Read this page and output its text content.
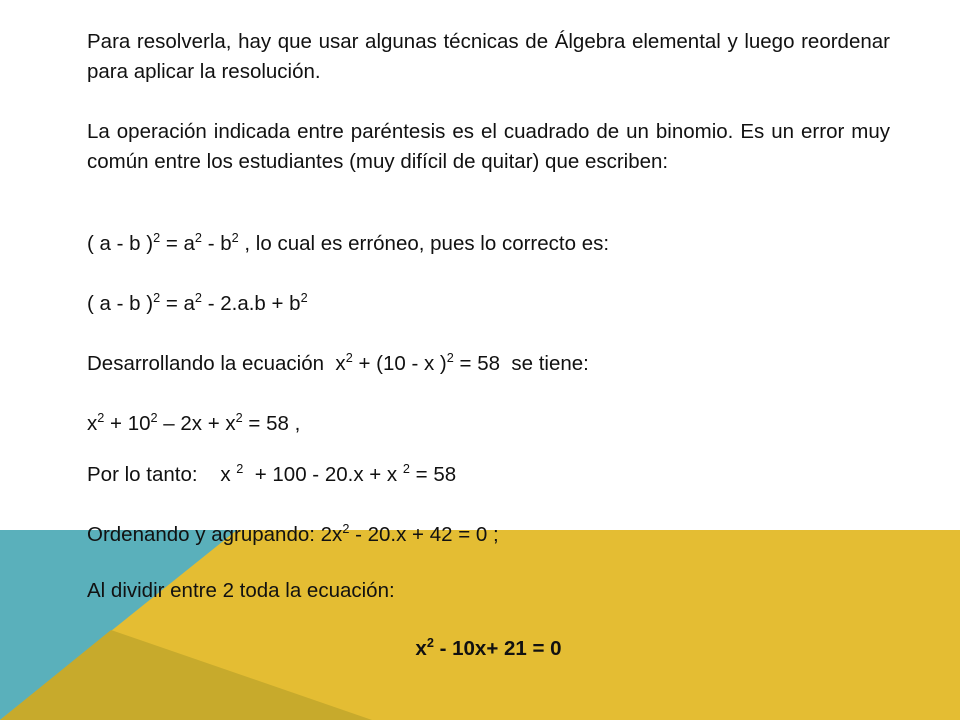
Para resolverla, hay que usar algunas técnicas de Álgebra elemental y luego reordenar para aplicar la resolución.

La operación indicada entre paréntesis es el cuadrado de un binomio. Es un error muy común entre los estudiantes (muy difícil de quitar) que escriben:

( a - b )$^2 = a^2 - b^2$ , lo cual es erróneo, pues lo correcto es:
( a - b )$^2 = a^2 - 2.a.b + b^2$
Desarrollando la ecuación  $x^2 + (10 - x$ )$^2$ = 58  se tiene:
$x^2 + 10^2 - 2x + x^2 = 58$ ,
Por lo tanto:    x $^2$  + 100 - 20.x + x $^2$ = 58
Ordenando y agrupando: $2x^2 - 20.x + 42 = 0$ ;
Al dividir entre 2 toda la ecuación:
$x^2 - 10x+ 21 = 0$
